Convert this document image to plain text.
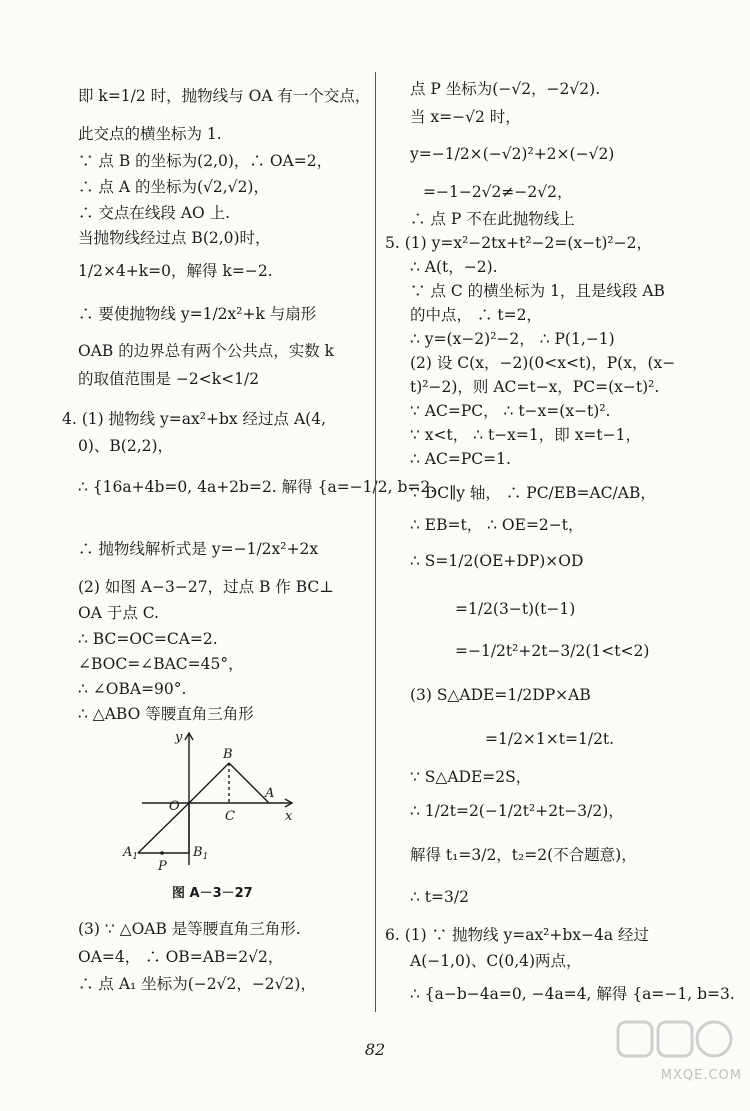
即 k=1/2 时，抛物线与 OA 有一个交点，
此交点的横坐标为 1.
∵ 点 B 的坐标为(2,0)，∴ OA=2，
∴ 点 A 的坐标为(√2,√2)，
∴ 交点在线段 AO 上.
当抛物线经过点 B(2,0)时，
1/2×4+k=0，解得 k=−2.
∴ 要使抛物线 y=1/2x²+k 与扇形
OAB 的边界总有两个公共点，实数 k
的取值范围是 −2<k<1/2
4. (1) 抛物线 y=ax²+bx 经过点 A(4,
0)、B(2,2)，
∴ {16a+4b=0, 4a+2b=2. 解得 {a=−1/2, b=2.
∴ 抛物线解析式是 y=−1/2x²+2x
(2) 如图 A−3−27，过点 B 作 BC⊥
OA 于点 C.
∴ BC=OC=CA=2.
∠BOC=∠BAC=45°，
∴ ∠OBA=90°.
∴ △ABO 等腰直角三角形
y
x
O
B
A
C
$A_1$	$B_1$
P
图 A－3－27
(3) ∵ △OAB 是等腰直角三角形.
OA=4， ∴ OB=AB=2√2，
∴ 点 A₁ 坐标为(−2√2，−2√2)，
点 P 坐标为(−√2，−2√2).
当 x=−√2 时，
y=−1/2×(−√2)²+2×(−√2)
=−1−2√2≠−2√2，
∴ 点 P 不在此抛物线上
5. (1) y=x²−2tx+t²−2=(x−t)²−2，
∴ A(t，−2).
∵ 点 C 的横坐标为 1，且是线段 AB
的中点， ∴ t=2，
∴ y=(x−2)²−2， ∴ P(1,−1)
(2) 设 C(x，−2)(0<x<t)，P(x，(x−
t)²−2)，则 AC=t−x，PC=(x−t)².
∵ AC=PC， ∴ t−x=(x−t)².
∵ x<t， ∴ t−x=1，即 x=t−1，
∴ AC=PC=1.
∵ DC∥y 轴， ∴ PC/EB=AC/AB，
∴ EB=t， ∴ OE=2−t，
∴ S=1/2(OE+DP)×OD
=1/2(3−t)(t−1)
=−1/2t²+2t−3/2(1<t<2)
(3) S△ADE=1/2DP×AB
=1/2×1×t=1/2t.
∵ S△ADE=2S，
∴ 1/2t=2(−1/2t²+2t−3/2)，
解得 t₁=3/2，t₂=2(不合题意)，
∴ t=3/2
6. (1) ∵ 抛物线 y=ax²+bx−4a 经过
A(−1,0)、C(0,4)两点，
∴ {a−b−4a=0, −4a=4, 解得 {a=−1, b=3.
82
MXQE.COM
